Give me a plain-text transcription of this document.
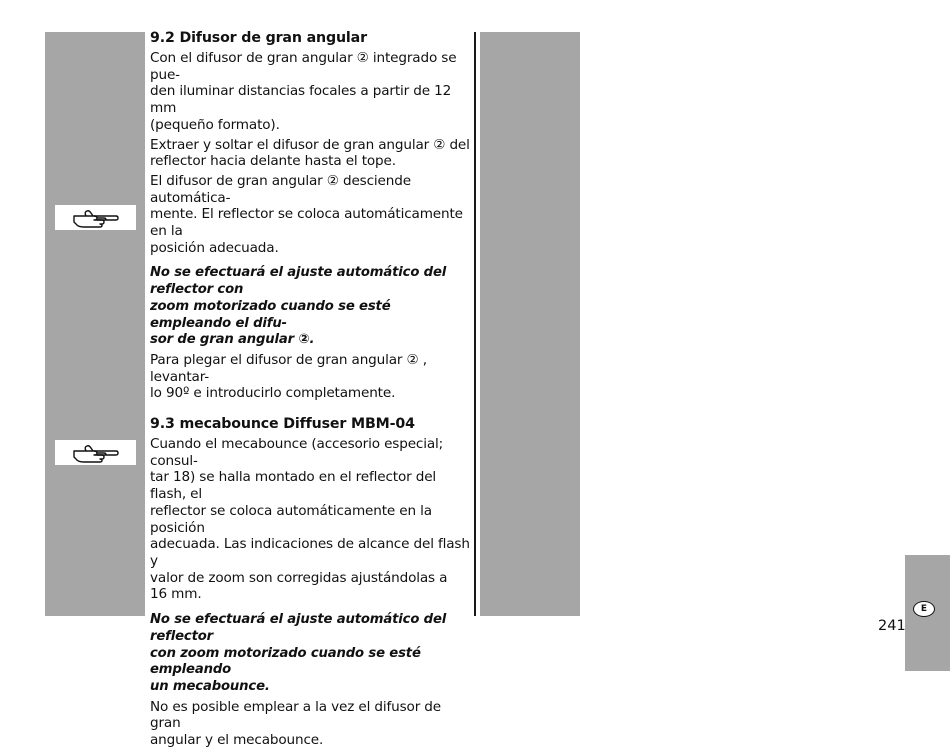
9.2 Difusor de gran angular

Con el difusor de gran angular ② integrado se pue-
den iluminar distancias focales a partir de 12 mm
(pequeño formato).

Extraer y soltar el difusor de gran angular ② del
reflector hacia delante hasta el tope.

El difusor de gran angular ② desciende automática-
mente. El reflector se coloca automáticamente en la
posición adecuada.

No se efectuará el ajuste automático del reflector con
zoom motorizado cuando se esté empleando el difu-
sor de gran angular ②.

Para plegar el difusor de gran angular ② , levantar-
lo 90º e introducirlo completamente.

9.3 mecabounce Diffuser MBM-04

Cuando el mecabounce (accesorio especial; consul-
tar 18) se halla montado en el reflector del flash, el
reflector se coloca automáticamente en la posición
adecuada. Las indicaciones de alcance del flash y
valor de zoom son corregidas ajustándolas a
16 mm.

No se efectuará el ajuste automático del reflector
con zoom motorizado cuando se esté empleando
un mecabounce.

No es posible emplear a la vez el difusor de gran
angular y el mecabounce.

E
241
